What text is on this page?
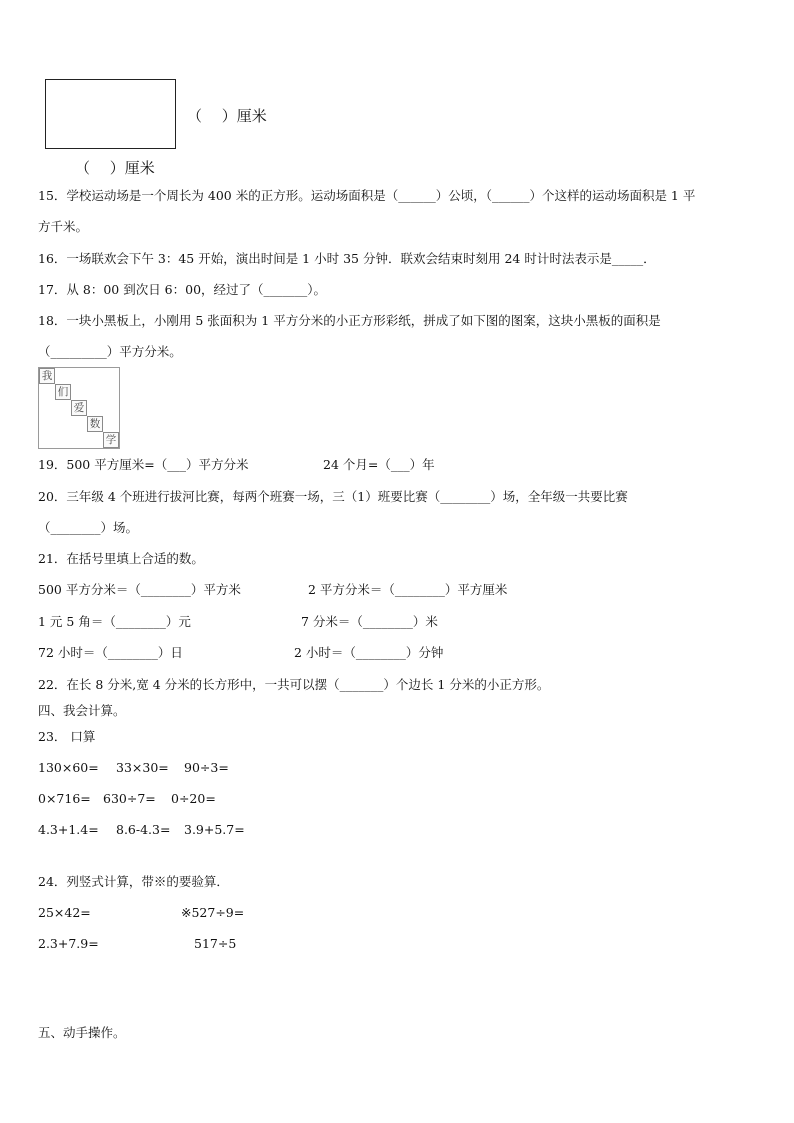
（　 ）厘米
（　 ）厘米
15．学校运动场是一个周长为 400 米的正方形。运动场面积是（______）公顷，（______）个这样的运动场面积是 1 平
方千米。
16．一场联欢会下午 3：45 开始，演出时间是 1 小时 35 分钟．联欢会结束时刻用 24 时计时法表示是_____．
17．从 8：00 到次日 6：00，经过了（_______）。
18．一块小黑板上，小刚用 5 张面积为 1 平方分米的小正方形彩纸，拼成了如下图的图案，这块小黑板的面积是
（_________）平方分米。
我
们
爱
数
学
19．500 平方厘米=（___）平方分米	24 个月=（___）年
20．三年级 4 个班进行拔河比赛，每两个班赛一场，三（1）班要比赛（________）场，全年级一共要比赛
（________）场。
21．在括号里填上合适的数。
500 平方分米＝（________）平方米	2 平方分米＝（________）平方厘米
1 元 5 角＝（________）元	7 分米＝（________）米
72 小时＝（________）日	2 小时＝（________）分钟
22．在长 8 分米,宽 4 分米的长方形中，一共可以摆（_______）个边长 1 分米的小正方形。
四、我会计算。
23． 口算
130×60= 33×30= 90÷3=
0×716= 630÷7= 0÷20=
4.3+1.4= 8.6-4.3= 3.9+5.7=
24．列竖式计算，带※的要验算．
25×42=	※527÷9=
2.3+7.9=	517÷5
五、动手操作。
